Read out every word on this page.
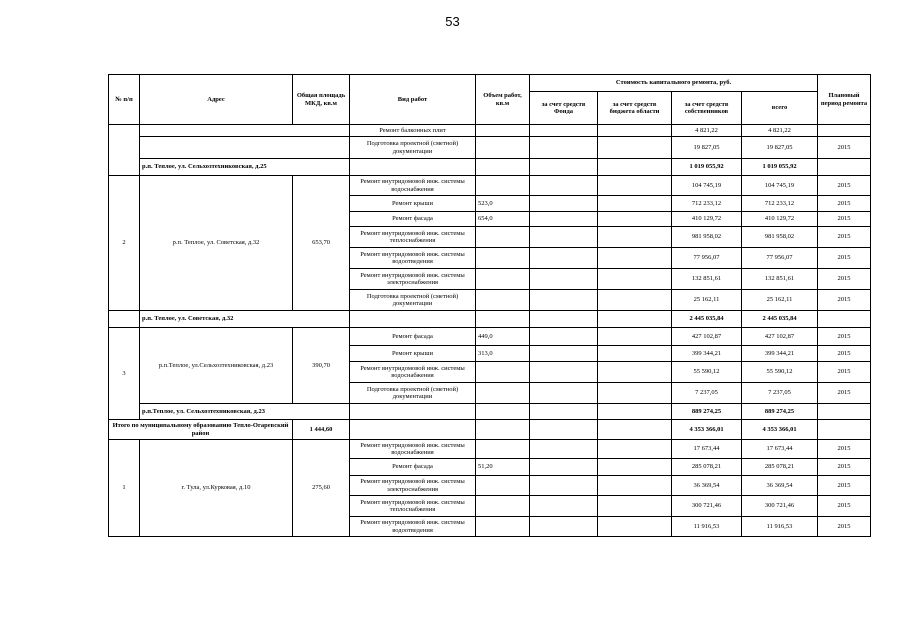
53
№ п/п	Адрес	Общая площадь МКД, кв.м	Вид работ	Объем работ, кв.м	Стоимость капитального ремонта, руб.				Плановый период ремонта
					за счет средств Фонда	за счет средств бюджета области	за счет средств собственников	всего	
			Ремонт балконных плит				4 821,22	4 821,22	
			Подготовка проектной (сметной) документации				19 827,05	19 827,05	2015
	р.п. Теплое, ул. Сельхозтехниковская, д.25						1 019 055,92	1 019 055,92	
2	р.п. Теплое, ул. Советская, д.32	653,70	Ремонт внутридомовой инж. системы водоснабжения				104 745,19	104 745,19	2015
			Ремонт крыши	523,0			712 233,12	712 233,12	2015
			Ремонт фасада	654,0			410 129,72	410 129,72	2015
			Ремонт внутридомовой инж. системы теплоснабжения				981 958,02	981 958,02	2015
			Ремонт внутридомовой инж. системы водоотведения				77 956,07	77 956,07	2015
			Ремонт внутридомовой инж. системы электроснабжения				132 851,61	132 851,61	2015
			Подготовка проектной (сметной) документации				25 162,11	25 162,11	2015
	р.п. Теплое, ул. Советская, д.32						2 445 035,84	2 445 035,84	
3	р.п.Теплое, ул.Сельхозтехниковская, д.23	390,70	Ремонт фасада	449,0			427 102,87	427 102,87	2015
			Ремонт крыши	313,0			399 344,21	399 344,21	2015
			Ремонт внутридомовой инж. системы водоснабжения				55 590,12	55 590,12	2015
			Подготовка проектной (сметной) документации				7 237,05	7 237,05	2015
	р.п.Теплое, ул. Сельхозтехниковская, д.23						889 274,25	889 274,25	
Итого по муниципальному образованию Тепло-Огаревский район		1 444,60					4 353 366,01	4 353 366,01	
1	г. Тула, ул.Курковая, д.10	275,60	Ремонт внутридомовой инж. системы водоснабжения				17 673,44	17 673,44	2015
			Ремонт фасада	51,20			285 078,21	285 078,21	2015
			Ремонт внутридомовой инж. системы электроснабжения				36 369,54	36 369,54	2015
			Ремонт внутридомовой инж. системы теплоснабжения				300 721,46	300 721,46	2015
			Ремонт внутридомовой инж. системы водоотведения				11 916,53	11 916,53	2015
